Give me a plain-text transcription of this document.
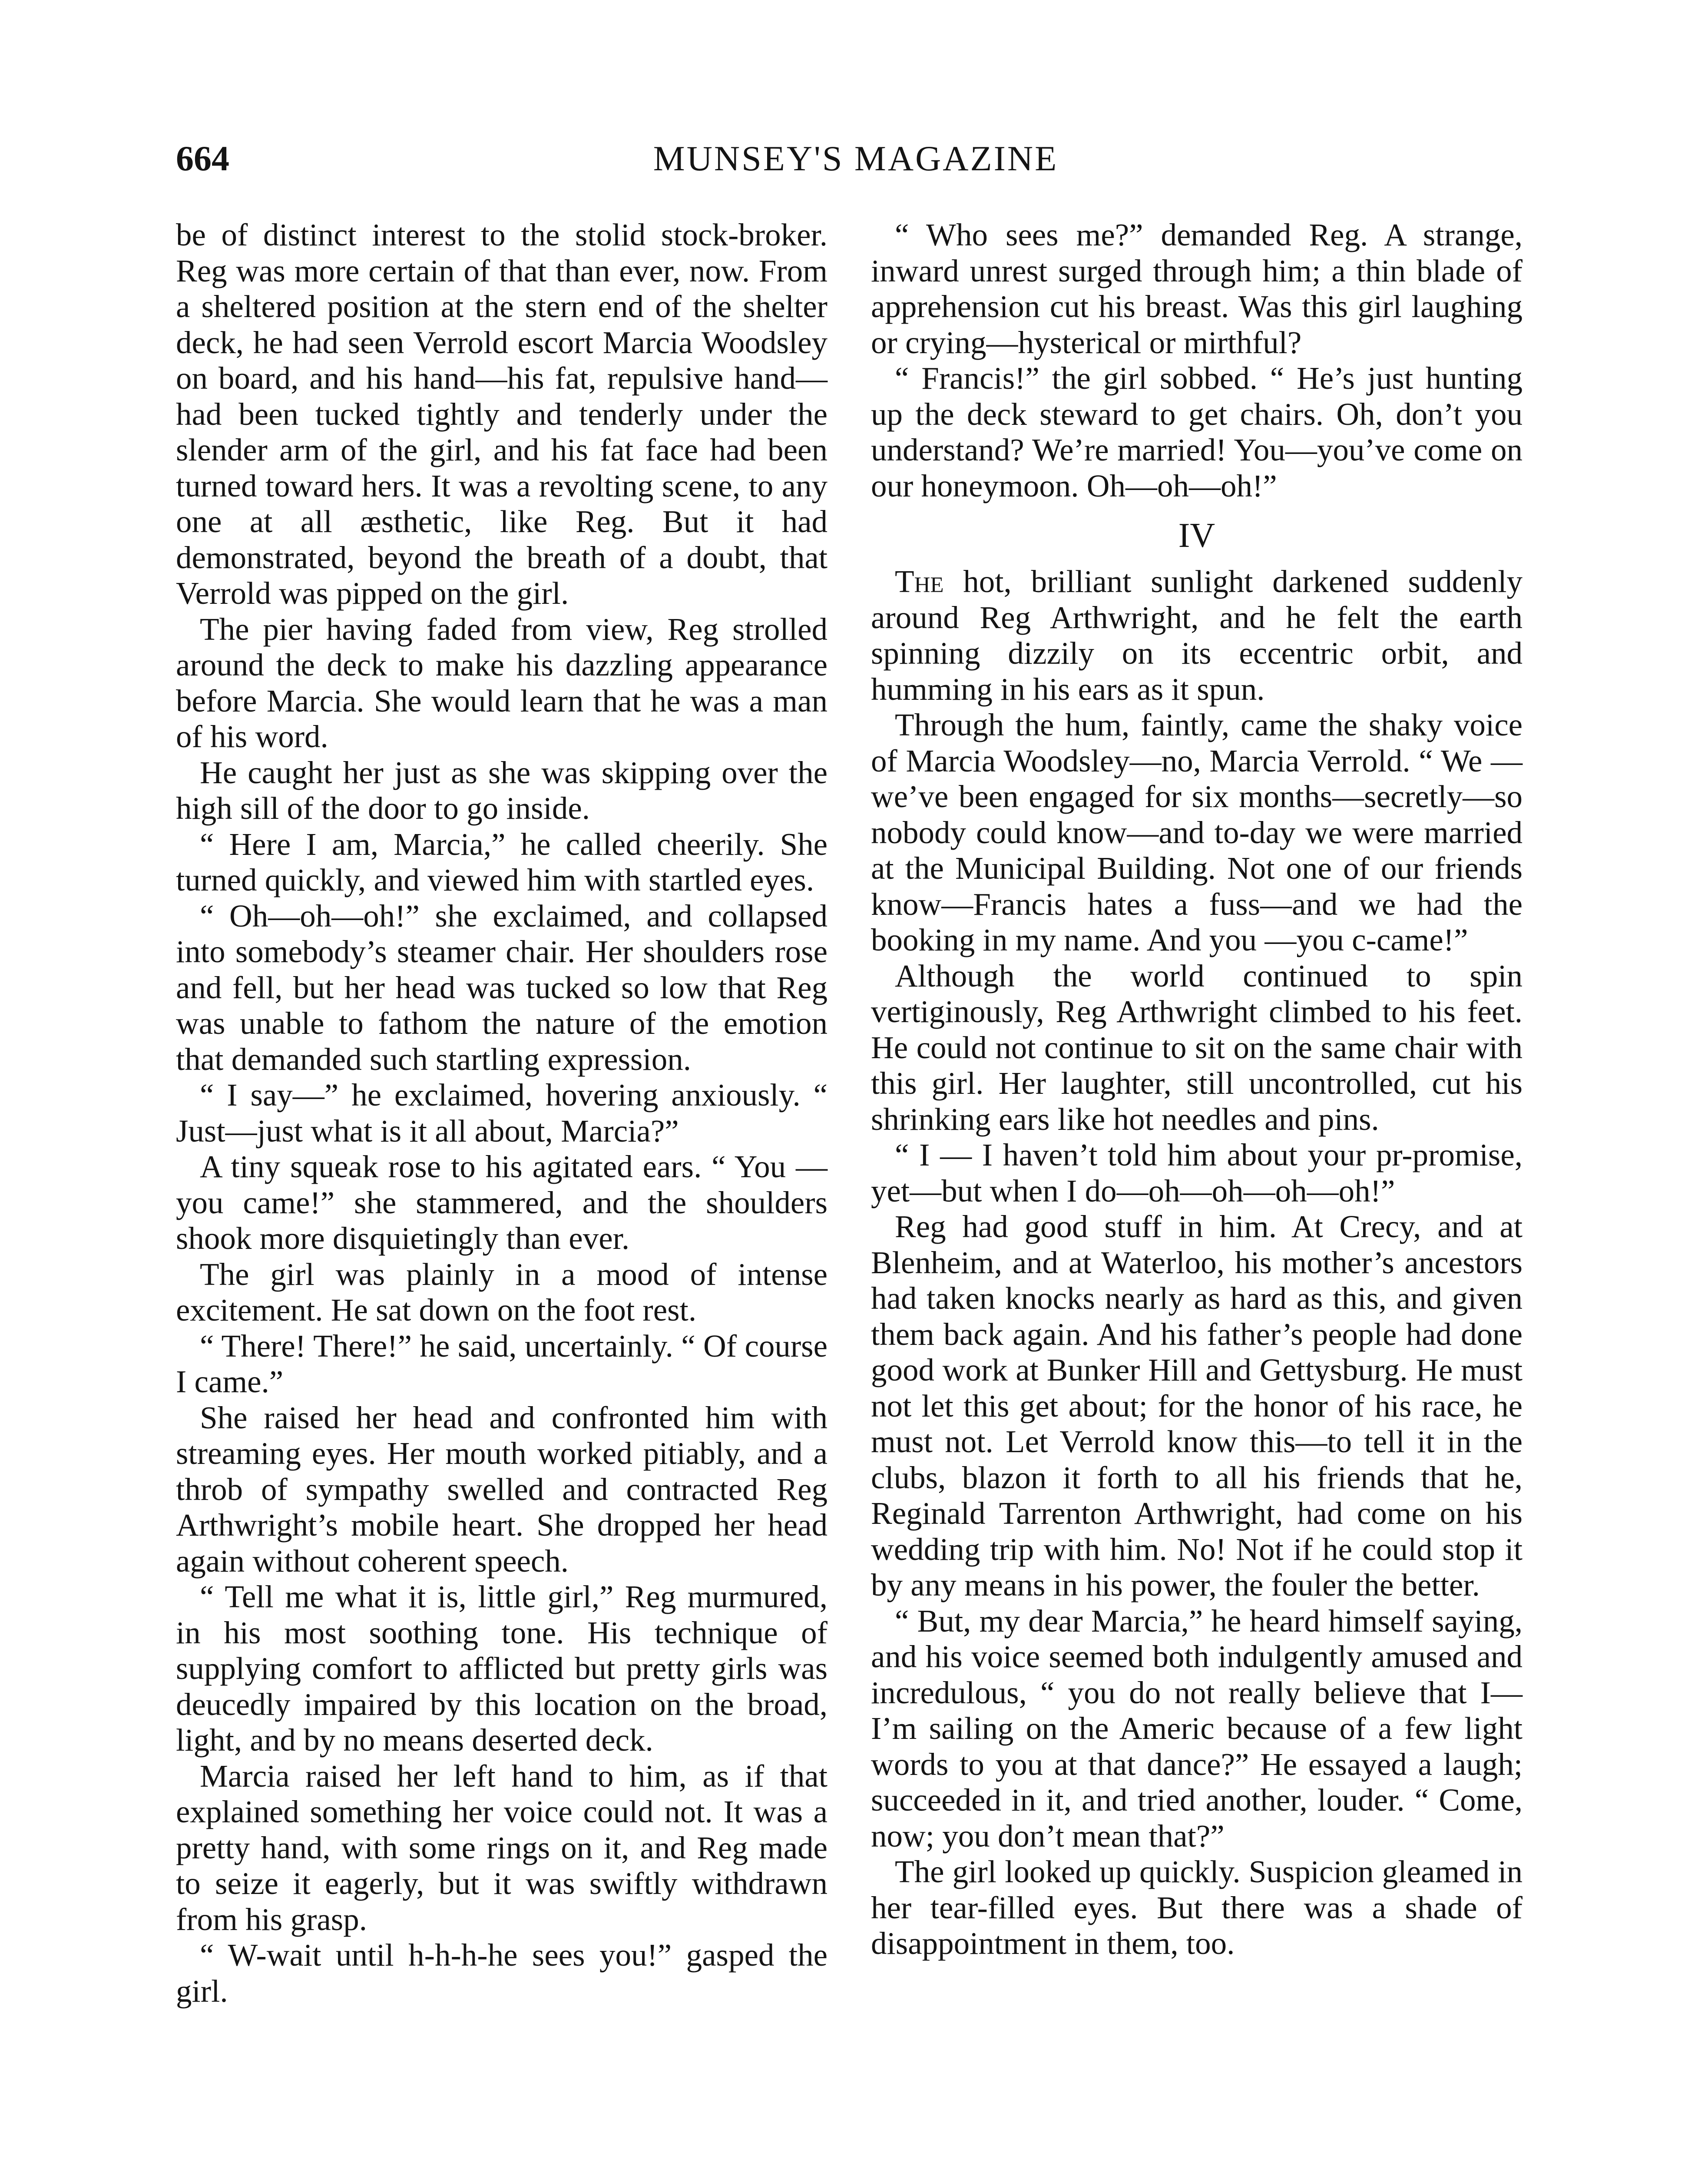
664	MUNSEY'S MAGAZINE

be of distinct interest to the stolid stock-broker. Reg was more certain of that than ever, now. From a sheltered position at the stern end of the shelter deck, he had seen Verrold escort Marcia Woodsley on board, and his hand—his fat, repulsive hand—had been tucked tightly and tenderly under the slender arm of the girl, and his fat face had been turned toward hers. It was a revolting scene, to any one at all æsthetic, like Reg. But it had demonstrated, beyond the breath of a doubt, that Verrold was pipped on the girl.

The pier having faded from view, Reg strolled around the deck to make his dazzling appearance before Marcia. She would learn that he was a man of his word.

He caught her just as she was skipping over the high sill of the door to go inside.

“ Here I am, Marcia,” he called cheerily. She turned quickly, and viewed him with startled eyes.

“ Oh—oh—oh!” she exclaimed, and collapsed into somebody’s steamer chair. Her shoulders rose and fell, but her head was tucked so low that Reg was unable to fathom the nature of the emotion that demanded such startling expression.

“ I say—” he exclaimed, hovering anxiously. “ Just—just what is it all about, Marcia?”

A tiny squeak rose to his agitated ears. “ You — you came!” she stammered, and the shoulders shook more disquietingly than ever.

The girl was plainly in a mood of intense excitement. He sat down on the foot rest.

“ There! There!” he said, uncertainly. “ Of course I came.”

She raised her head and confronted him with streaming eyes. Her mouth worked pitiably, and a throb of sympathy swelled and contracted Reg Arthwright’s mobile heart. She dropped her head again without coherent speech.

“ Tell me what it is, little girl,” Reg murmured, in his most soothing tone. His technique of supplying comfort to afflicted but pretty girls was deucedly impaired by this location on the broad, light, and by no means deserted deck.

Marcia raised her left hand to him, as if that explained something her voice could not. It was a pretty hand, with some rings on it, and Reg made to seize it eagerly, but it was swiftly withdrawn from his grasp.

“ W-wait until h-h-h-he sees you!” gasped the girl.

“ Who sees me?” demanded Reg. A strange, inward unrest surged through him; a thin blade of apprehension cut his breast. Was this girl laughing or crying—hysterical or mirthful?

“ Francis!” the girl sobbed. “ He’s just hunting up the deck steward to get chairs. Oh, don’t you understand? We’re married! You—you’ve come on our honeymoon. Oh—oh—oh!”

IV

The hot, brilliant sunlight darkened suddenly around Reg Arthwright, and he felt the earth spinning dizzily on its eccentric orbit, and humming in his ears as it spun.

Through the hum, faintly, came the shaky voice of Marcia Woodsley—no, Marcia Verrold. “ We — we’ve been engaged for six months—secretly—so nobody could know—and to-day we were married at the Municipal Building. Not one of our friends know—Francis hates a fuss—and we had the booking in my name. And you —you c-came!”

Although the world continued to spin vertiginously, Reg Arthwright climbed to his feet. He could not continue to sit on the same chair with this girl. Her laughter, still uncontrolled, cut his shrinking ears like hot needles and pins.

“ I — I haven’t told him about your pr-promise, yet—but when I do—oh—oh—oh—oh!”

Reg had good stuff in him. At Crecy, and at Blenheim, and at Waterloo, his mother’s ancestors had taken knocks nearly as hard as this, and given them back again. And his father’s people had done good work at Bunker Hill and Gettysburg. He must not let this get about; for the honor of his race, he must not. Let Verrold know this—to tell it in the clubs, blazon it forth to all his friends that he, Reginald Tarrenton Arthwright, had come on his wedding trip with him. No! Not if he could stop it by any means in his power, the fouler the better.

“ But, my dear Marcia,” he heard himself saying, and his voice seemed both indulgently amused and incredulous, “ you do not really believe that I—I’m sailing on the Americ because of a few light words to you at that dance?” He essayed a laugh; succeeded in it, and tried another, louder. “ Come, now; you don’t mean that?”

The girl looked up quickly. Suspicion gleamed in her tear-filled eyes. But there was a shade of disappointment in them, too.
